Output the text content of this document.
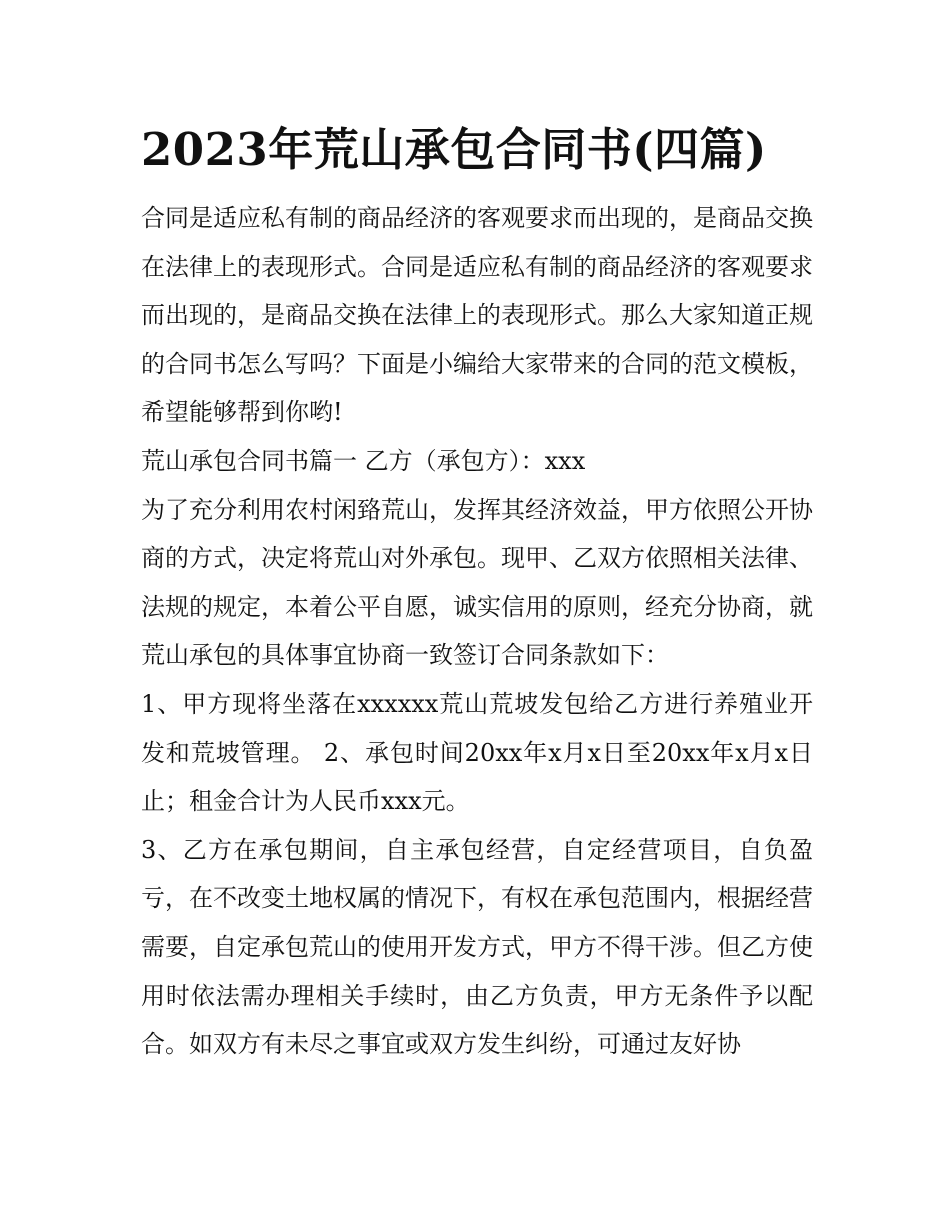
2023年荒山承包合同书(四篇)

合同是适应私有制的商品经济的客观要求而出现的，是商品交换在法律上的表现形式。合同是适应私有制的商品经济的客观要求而出现的，是商品交换在法律上的表现形式。那么大家知道正规的合同书怎么写吗？下面是小编给大家带来的合同的范文模板，希望能够帮到你哟!

荒山承包合同书篇一 乙方（承包方）：xxx

为了充分利用农村闲臵荒山，发挥其经济效益，甲方依照公开协商的方式，决定将荒山对外承包。现甲、乙双方依照相关法律、法规的规定，本着公平自愿，诚实信用的原则，经充分协商，就荒山承包的具体事宜协商一致签订合同条款如下：

1、甲方现将坐落在xxxxxx荒山荒坡发包给乙方进行养殖业开发和荒坡管理。 2、承包时间20xx年x月x日至20xx年x月x日止；租金合计为人民币xxx元。

3、乙方在承包期间，自主承包经营，自定经营项目，自负盈亏，在不改变土地权属的情况下，有权在承包范围内，根据经营需要，自定承包荒山的使用开发方式，甲方不得干涉。但乙方使用时依法需办理相关手续时，由乙方负责，甲方无条件予以配合。如双方有未尽之事宜或双方发生纠纷，可通过友好协
